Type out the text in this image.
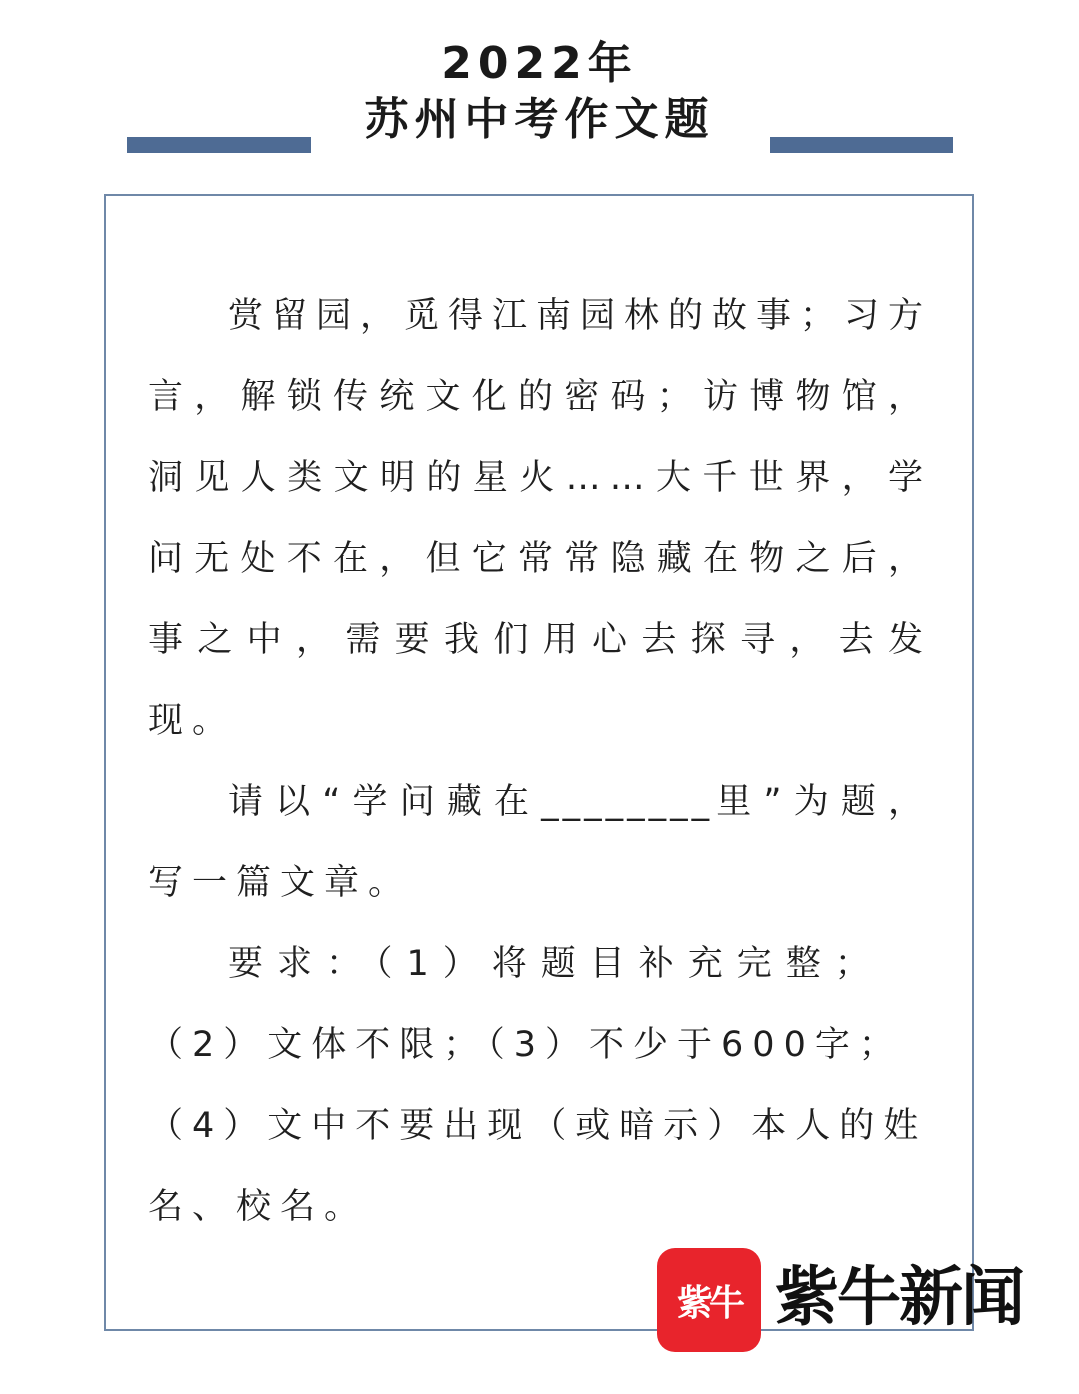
2022年
苏州中考作文题

赏留园，觅得江南园林的故事；习方言，解锁传统文化的密码；访博物馆，洞见人类文明的星火……大千世界，学问无处不在，但它常常隐藏在物之后，事之中，需要我们用心去探寻，去发现。

请以“学问藏在________里”为题，写一篇文章。

要求：（1）将题目补充完整；

（2）文体不限；（3）不少于600字；

（4）文中不要出现（或暗示）本人的姓

名、校名。

紫牛 紫牛新闻
